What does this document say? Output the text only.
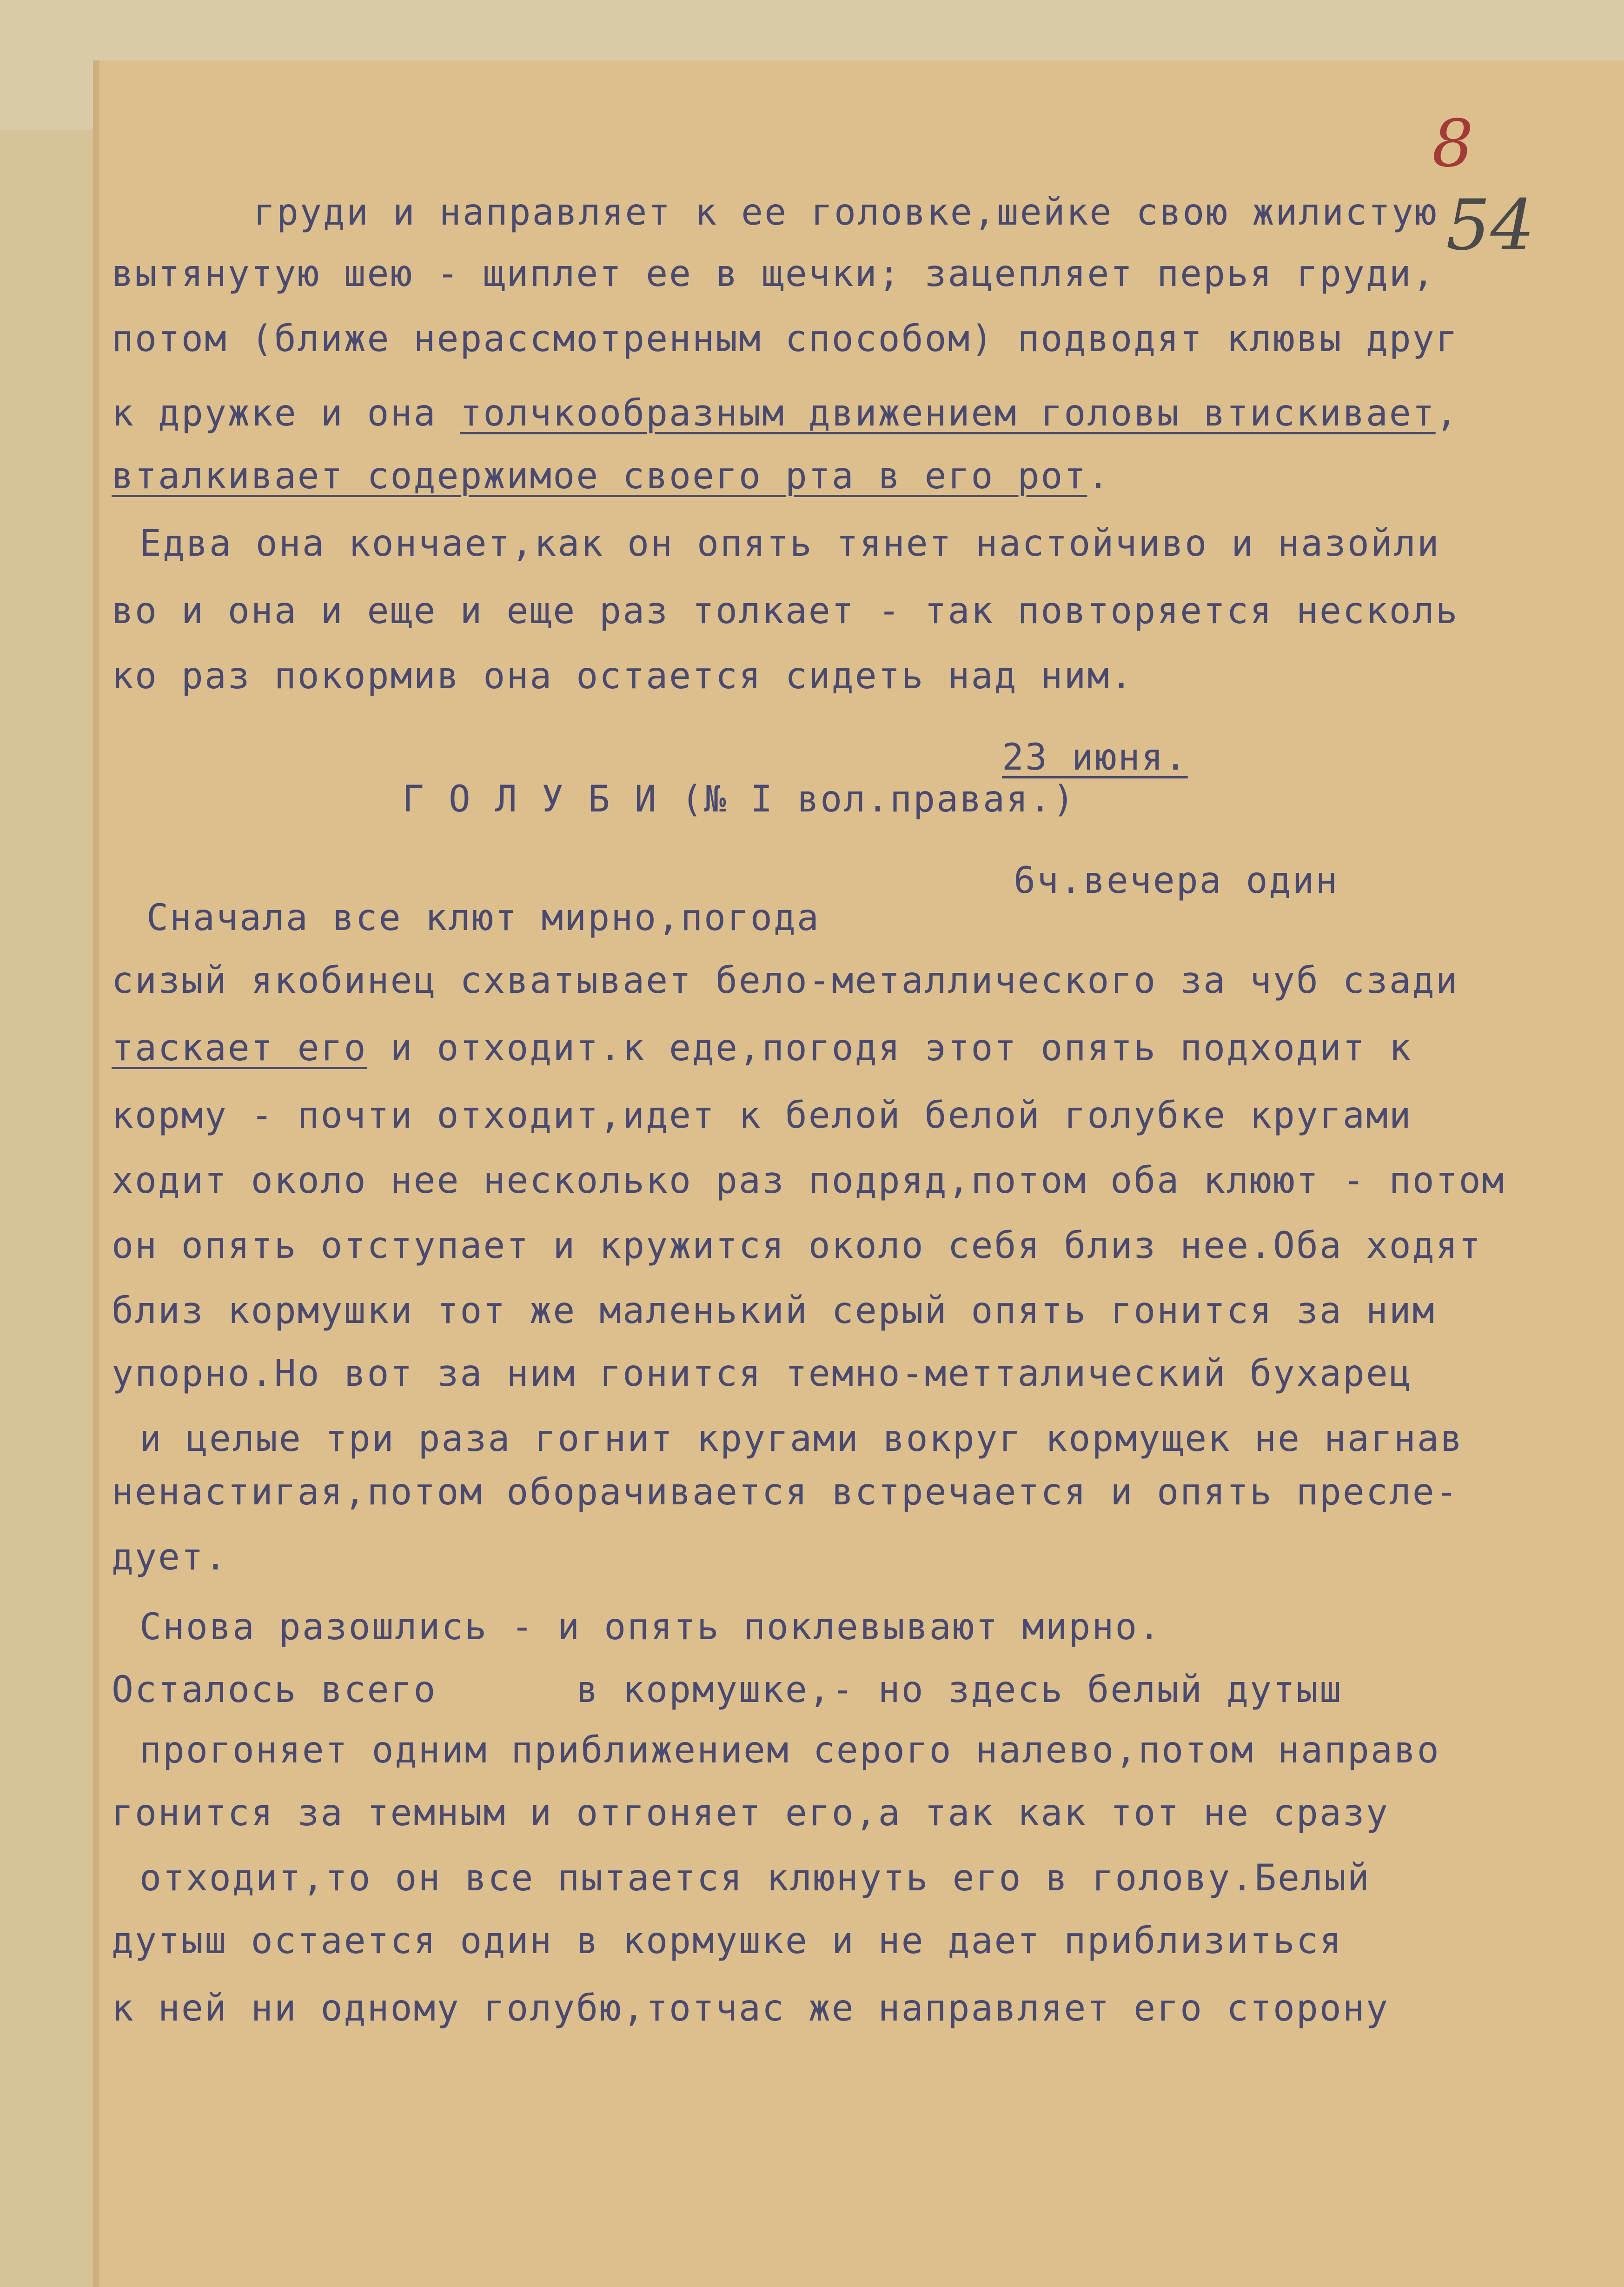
8
54

груди и направляет к ее головке,шейке свою жилистую

вытянутую шею - щиплет ее в щечки; зацепляет перья груди,

потом (ближе нерассмотренным способом) подводят клювы друг

к дружке и она толчкообразным движением головы втискивает,

вталкивает содержимое своего рта в его рот.

Едва она кончает,как он опять тянет настойчиво и назойли

во и она и еще и еще раз толкает - так повторяется несколь

ко раз покормив она остается сидеть над ним.

23 июня.

Г О Л У Б И (№ I вол.правая.)

Сначала все клют мирно,погода

6ч.вечера один

сизый якобинец схватывает бело-металлического за чуб сзади

таскает его и отходит.к еде,погодя этот опять подходит к

корму - почти отходит,идет к белой белой голубке кругами

ходит около нее несколько раз подряд,потом оба клюют - потом

он опять отступает и кружится около себя близ нее.Оба ходят

близ кормушки тот же маленький серый опять гонится за ним

упорно.Но вот за ним гонится темно-метталический бухарец

и целые три раза гогнит кругами вокруг кормущек не нагнав

ненастигая,потом оборачивается встречается и опять пресле-

дует.

Снова разошлись - и опять поклевывают мирно.

Осталось всего      в кормушке,- но здесь белый дутыш

прогоняет одним приближением серого налево,потом направо

гонится за темным и отгоняет его,а так как тот не сразу

отходит,то он все пытается клюнуть его в голову.Белый

дутыш остается один в кормушке и не дает приблизиться

к ней ни одному голубю,тотчас же направляет его сторону
